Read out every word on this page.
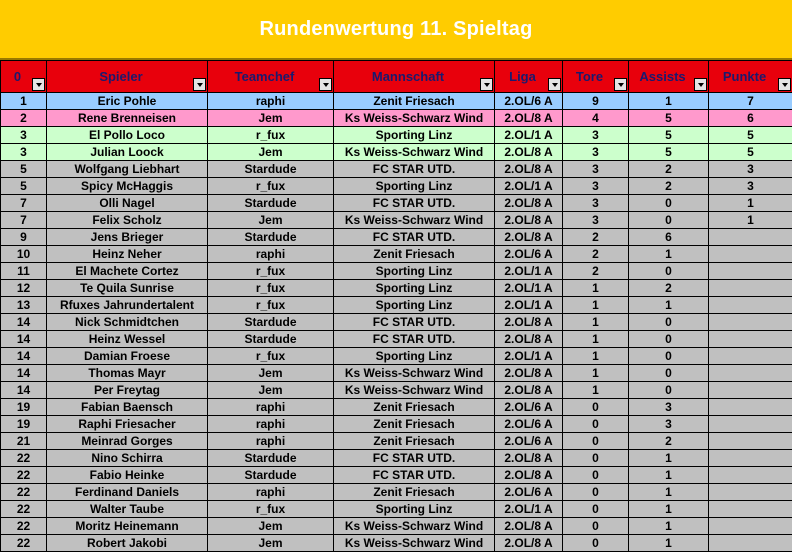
Rundenwertung 11. Spieltag
0	Spieler	Teamchef	Mannschaft	Liga	Tore	Assists	Punkte

1	Eric Pohle	raphi	Zenit Friesach	2.OL/6 A	9	1	7
2	Rene Brenneisen	Jem	Ks Weiss-Schwarz Wind	2.OL/8 A	4	5	6
3	El Pollo Loco	r_fux	Sporting Linz	2.OL/1 A	3	5	5
3	Julian Loock	Jem	Ks Weiss-Schwarz Wind	2.OL/8 A	3	5	5
5	Wolfgang Liebhart	Stardude	FC STAR UTD.	2.OL/8 A	3	2	3
5	Spicy McHaggis	r_fux	Sporting Linz	2.OL/1 A	3	2	3
7	Olli Nagel	Stardude	FC STAR UTD.	2.OL/8 A	3	0	1
7	Felix Scholz	Jem	Ks Weiss-Schwarz Wind	2.OL/8 A	3	0	1
9	Jens Brieger	Stardude	FC STAR UTD.	2.OL/8 A	2	6	
10	Heinz Neher	raphi	Zenit Friesach	2.OL/6 A	2	1	
11	El Machete Cortez	r_fux	Sporting Linz	2.OL/1 A	2	0	
12	Te Quila Sunrise	r_fux	Sporting Linz	2.OL/1 A	1	2	
13	Rfuxes Jahrundertalent	r_fux	Sporting Linz	2.OL/1 A	1	1	
14	Nick Schmidtchen	Stardude	FC STAR UTD.	2.OL/8 A	1	0	
14	Heinz Wessel	Stardude	FC STAR UTD.	2.OL/8 A	1	0	
14	Damian Froese	r_fux	Sporting Linz	2.OL/1 A	1	0	
14	Thomas Mayr	Jem	Ks Weiss-Schwarz Wind	2.OL/8 A	1	0	
14	Per Freytag	Jem	Ks Weiss-Schwarz Wind	2.OL/8 A	1	0	
19	Fabian Baensch	raphi	Zenit Friesach	2.OL/6 A	0	3	
19	Raphi Friesacher	raphi	Zenit Friesach	2.OL/6 A	0	3	
21	Meinrad Gorges	raphi	Zenit Friesach	2.OL/6 A	0	2	
22	Nino Schirra	Stardude	FC STAR UTD.	2.OL/8 A	0	1	
22	Fabio Heinke	Stardude	FC STAR UTD.	2.OL/8 A	0	1	
22	Ferdinand Daniels	raphi	Zenit Friesach	2.OL/6 A	0	1	
22	Walter Taube	r_fux	Sporting Linz	2.OL/1 A	0	1	
22	Moritz Heinemann	Jem	Ks Weiss-Schwarz Wind	2.OL/8 A	0	1	
22	Robert Jakobi	Jem	Ks Weiss-Schwarz Wind	2.OL/8 A	0	1	
